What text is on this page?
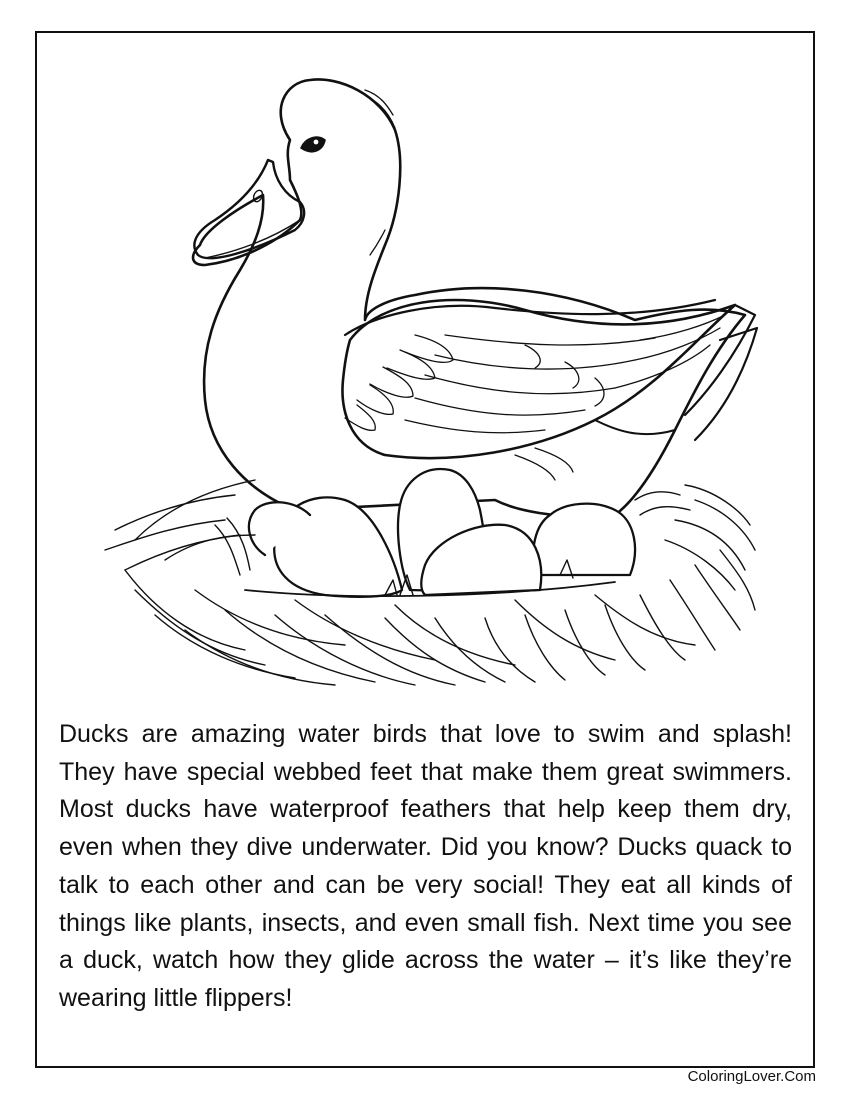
Ducks are amazing water birds that love to swim and splash! They have special webbed feet that make them great swimmers. Most ducks have waterproof feathers that help keep them dry, even when they dive underwater. Did you know? Ducks quack to talk to each other and can be very social! They eat all kinds of things like plants, insects, and even small fish. Next time you see a duck, watch how they glide across the water – it’s like they’re wearing little flippers!

ColoringLover.Com
